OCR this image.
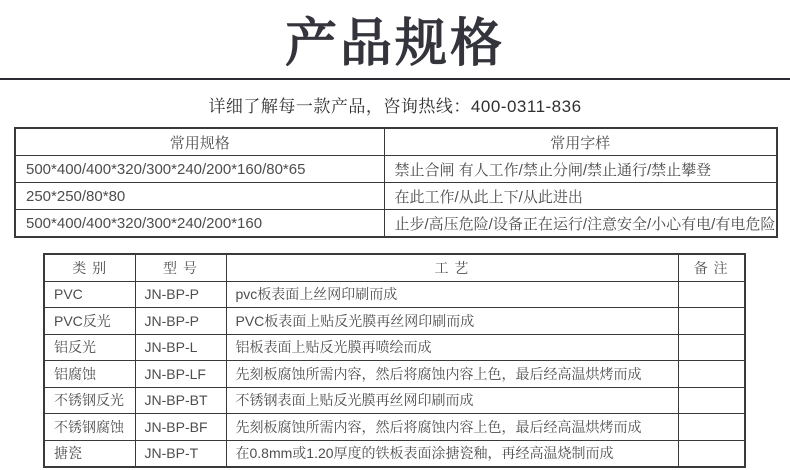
产品规格

详细了解每一款产品，咨询热线：400-0311-836

常用规格	常用字样
500*400/400*320/300*240/200*160/80*65	禁止合闸 有人工作/禁止分闸/禁止通行/禁止攀登
250*250/80*80	在此工作/从此上下/从此进出
500*400/400*320/300*240/200*160	止步/高压危险/设备正在运行/注意安全/小心有电/有电危险
类 别	型 号	工 艺	备 注
PVC	JN-BP-P	pvc板表面上丝网印刷而成	
PVC反光	JN-BP-P	PVC板表面上贴反光膜再丝网印刷而成	
铝反光	JN-BP-L	铝板表面上贴反光膜再喷绘而成	
铝腐蚀	JN-BP-LF	先刻板腐蚀所需内容，然后将腐蚀内容上色，最后经高温烘烤而成	
不锈钢反光	JN-BP-BT	不锈钢表面上贴反光膜再丝网印刷而成	
不锈钢腐蚀	JN-BP-BF	先刻板腐蚀所需内容，然后将腐蚀内容上色，最后经高温烘烤而成	
搪瓷	JN-BP-T	在0.8mm或1.20厚度的铁板表面涂搪瓷釉，再经高温烧制而成	
